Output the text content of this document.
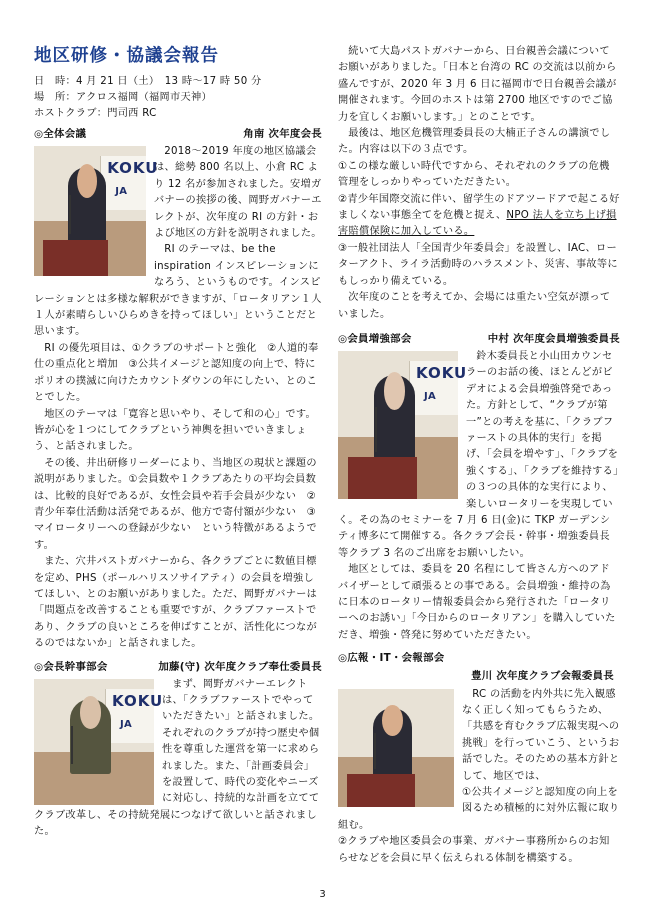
地区研修・協議会報告
日　時：4 月 21 日（土）　13 時～17 時 50 分
場　所：アクロス福岡（福岡市天神）
ホストクラブ：門司西 RC
◎全体会議	角南 次年度会長
KOKU
JA

2018～2019 年度の地区協議会は、総勢 800 名以上、小倉 RC より 12 名が参加されました。安増ガバナーの挨拶の後、岡野ガバナーエレクトが、次年度の RI の方針・および地区の方針を説明されました。

RI のテーマは、be the inspiration インスピレーションになろう、というものです。インスピレーションとは多様な解釈ができますが、「ロータリアン１人１人が素晴らしいひらめきを持ってほしい」ということだと思います。

RI の優先項目は、①クラブのサポートと強化　②人道的奉仕の重点化と増加　③公共イメージと認知度の向上で、特にポリオの撲滅に向けたカウントダウンの年にしたい、とのことでした。

地区のテーマは「寛容と思いやり、そして和の心」です。皆が心を１つにしてクラブという神輿を担いでいきましょう、と話されました。

その後、井出研修リーダーにより、当地区の現状と課題の説明がありました。①会員数や１クラブあたりの平均会員数は、比較的良好であるが、女性会員や若手会員が少ない　②青少年奉仕活動は活発であるが、他方で寄付額が少ない　③マイロータリーへの登録が少ない　という特徴があるようです。

また、穴井パストガバナーから、各クラブごとに数値目標を定め、PHS（ポールハリスソサイアティ）の会員を増強してほしい、とのお願いがありました。ただ、岡野ガバナーは「問題点を改善することも重要ですが、クラブファーストであり、クラブの良いところを伸ばすことが、活性化につながるのではないか」と話されました。

◎会長幹事部会	加藤(守) 次年度クラブ奉仕委員長
KOKU
JA

まず、岡野ガバナーエレクトは、「クラブファーストでやっていただきたい」と話されました。それぞれのクラブが持つ歴史や個性を尊重した運営を第一に求められました。また、「計画委員会」を設置して、時代の変化やニーズに対応し、持続的な計画を立ててクラブ改革し、その持続発展につなげて欲しいと話されました。

続いて大島パストガバナーから、日台親善会議についてお願いがありました。「日本と台湾の RC の交流は以前から盛んですが、2020 年 3 月 6 日に福岡市で日台親善会議が開催されます。今回のホストは第 2700 地区ですのでご協力を宜しくお願いします。」とのことです。

最後は、地区危機管理委員長の大楠正子さんの講演でした。内容は以下の３点です。

①この様な厳しい時代ですから、それぞれのクラブの危機管理をしっかりやっていただきたい。

②青少年国際交流に伴い、留学生のドアツードアで起こる好ましくない事態全てを危機と捉え、NPO 法人を立ち上げ損害賠償保険に加入している。

③一般社団法人「全国青少年委員会」を設置し、IAC、ローターアクト、ライラ活動時のハラスメント、災害、事故等にもしっかり備えている。

次年度のことを考えてか、会場には重たい空気が漂っていました。

◎会員増強部会	中村 次年度会員増強委員長
KOKU
JA

鈴木委員長と小山田カウンセラーのお話の後、ほとんどがビデオによる会員増強啓発であった。方針として、“クラブが第一”との考えを基に、「クラブファーストの具体的実行」を掲げ、「会員を増やす」、「クラブを強くする」、「クラブを維持する」の３つの具体的な実行により、楽しいロータリーを実現していく。その為のセミナーを 7 月 6 日(金)に TKP ガーデンシティ博多にて開催する。各クラブ会長・幹事・増強委員長等クラブ 3 名のご出席をお願いしたい。

地区としては、委員を 20 名程にして皆さん方へのアドバイザーとして頑張るとの事である。会員増強・維持の為に日本のロータリー情報委員会から発行された「ロータリーへのお誘い」「今日からのロータリアン」を購入していただき、増強・啓発に努めていただきたい。

◎広報・IT・会報部会
豊川 次年度クラブ会報委員長

RC の活動を内外共に先入観感なく正しく知ってもらうため、「共感を育むクラブ広報実現への挑戦」を行っていこう、というお話でした。そのための基本方針として、地区では、

①公共イメージと認知度の向上を図るため積極的に対外広報に取り組む。

②クラブや地区委員会の事業、ガバナー事務所からのお知らせなどを会員に早く伝えられる体制を構築する。

3
